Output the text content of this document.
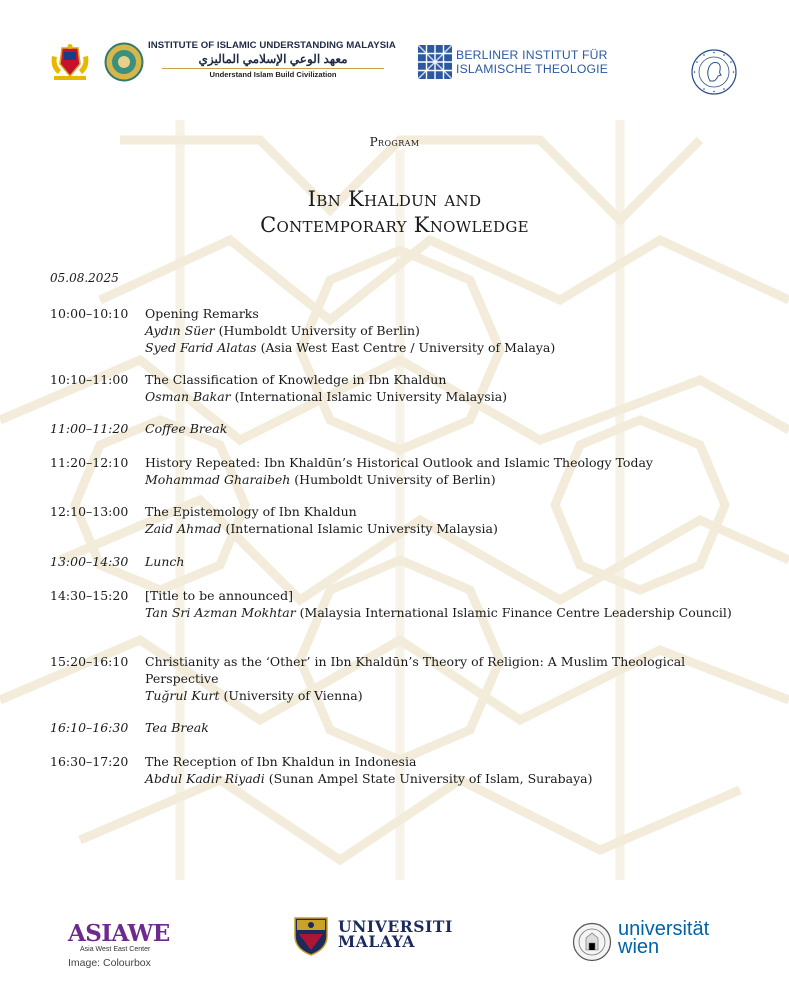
INSTITUTE OF ISLAMIC UNDERSTANDING MALAYSIA
معهد الوعي الإسلامي الماليزي
Understand Islam Build Civilization
BERLINER INSTITUT FÜR
ISLAMISCHE THEOLOGIE
Program
Ibn Khaldun and
Contemporary Knowledge
05.08.2025
10:00–10:10	Opening Remarks
Aydın Süer (Humboldt University of Berlin)
Syed Farid Alatas (Asia West East Centre / University of Malaya)
10:10–11:00	The Classification of Knowledge in Ibn Khaldun
Osman Bakar (International Islamic University Malaysia)
11:00–11:20	Coffee Break
11:20–12:10	History Repeated: Ibn Khaldūn’s Historical Outlook and Islamic Theology Today
Mohammad Gharaibeh (Humboldt University of Berlin)
12:10–13:00	The Epistemology of Ibn Khaldun
Zaid Ahmad (International Islamic University Malaysia)
13:00–14:30	Lunch
14:30–15:20	[Title to be announced]
Tan Sri Azman Mokhtar (Malaysia International Islamic Finance Centre Leadership Council)
15:20–16:10	Christianity as the ‘Other’ in Ibn Khaldūn’s Theory of Religion: A Muslim Theological Perspective
Tuğrul Kurt (University of Vienna)
16:10–16:30	Tea Break
16:30–17:20	The Reception of Ibn Khaldun in Indonesia
Abdul Kadir Riyadi (Sunan Ampel State University of Islam, Surabaya)
ASIAWE
Asia West East Center
Image: Colourbox
UNIVERSITI
MALAYA
universität
wien
